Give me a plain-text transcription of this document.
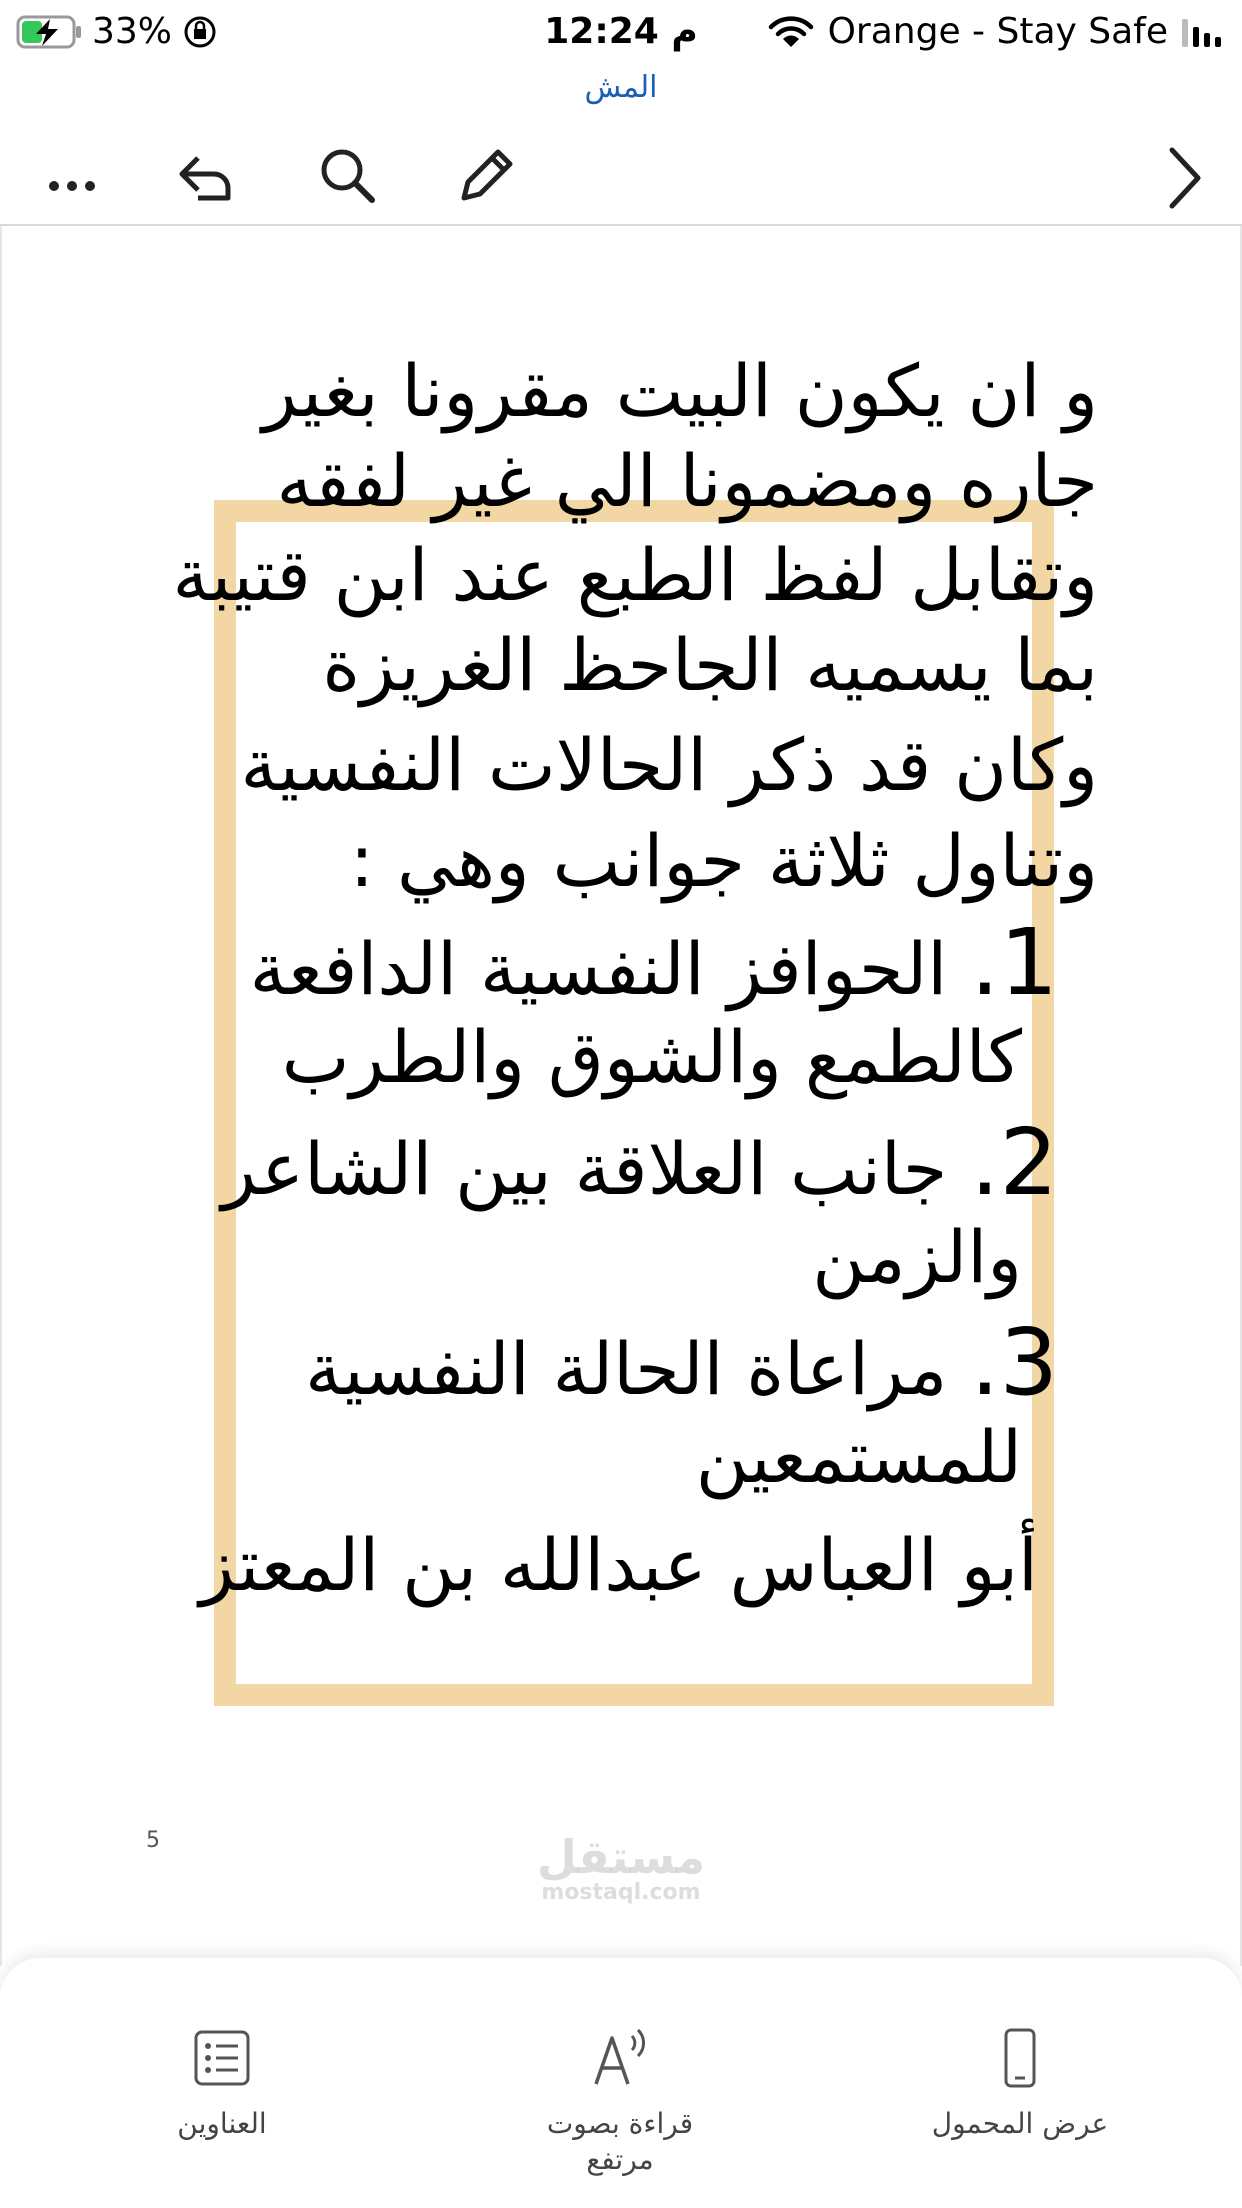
33%	12:24 م	Orange - Stay Safe
المش
و ان يكون البيت مقرونا بغير
جاره ومضمونا الي غير لفقه
وتقابل لفظ الطبع عند ابن قتيبة
بما يسميه الجاحظ الغريزة
وكان قد ذكر الحالات النفسية
وتناول ثلاثة جوانب وهي :
1. الحوافز النفسية الدافعة
كالطمع والشوق والطرب
2. جانب العلاقة بين الشاعر
والزمن
3. مراعاة الحالة النفسية
للمستمعين
أبو العباس عبدالله بن المعتز
5
العناوين	قراءة بصوت
مرتفع
عرض المحمول
مستقل
mostaql.com
